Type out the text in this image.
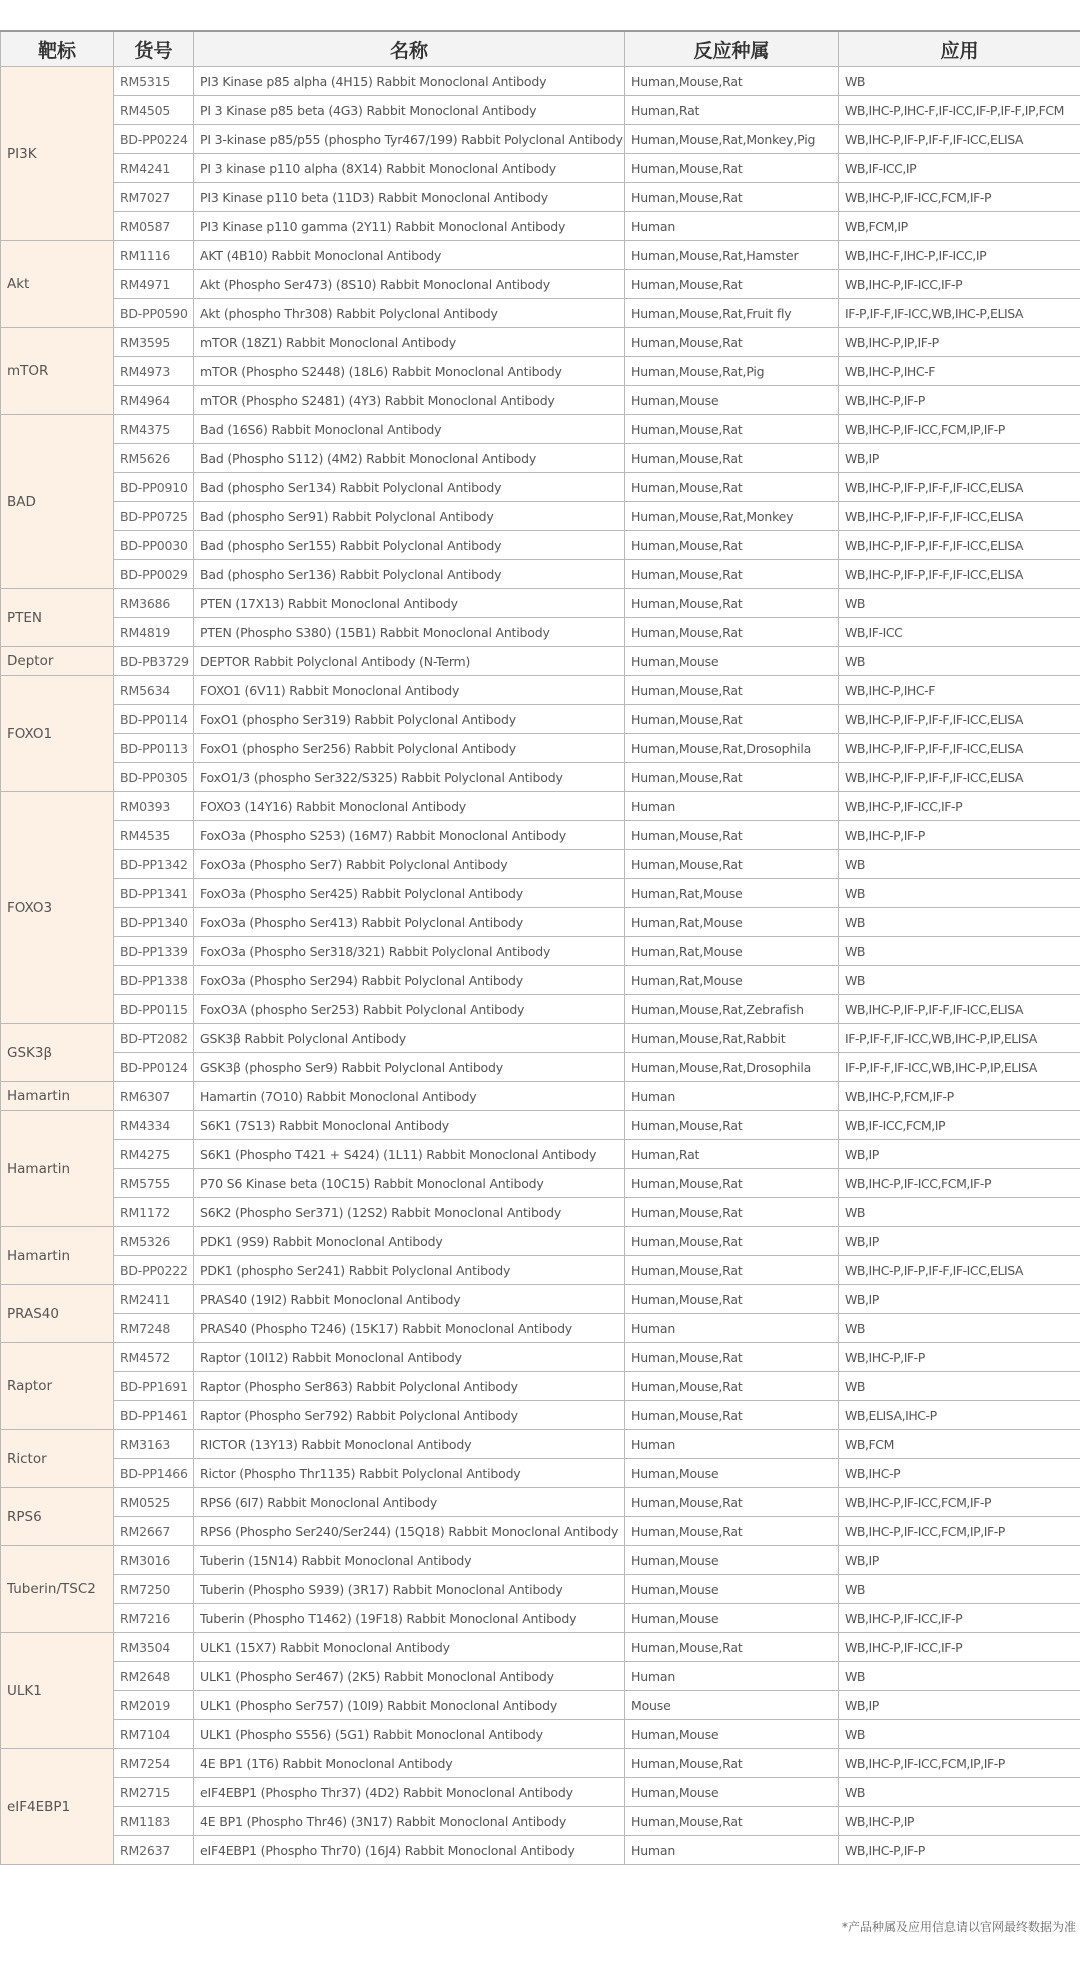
靶标	货号	名称	反应种属	应用
PI3K	RM5315	PI3 Kinase p85 alpha (4H15) Rabbit Monoclonal Antibody	Human,Mouse,Rat	WB
	RM4505	PI 3 Kinase p85 beta (4G3) Rabbit Monoclonal Antibody	Human,Rat	WB,IHC-P,IHC-F,IF-ICC,IF-P,IF-F,IP,FCM
	BD-PP0224	PI 3-kinase p85/p55 (phospho Tyr467/199) Rabbit Polyclonal Antibody	Human,Mouse,Rat,Monkey,Pig	WB,IHC-P,IF-P,IF-F,IF-ICC,ELISA
	RM4241	PI 3 kinase p110 alpha (8X14) Rabbit Monoclonal Antibody	Human,Mouse,Rat	WB,IF-ICC,IP
	RM7027	PI3 Kinase p110 beta (11D3) Rabbit Monoclonal Antibody	Human,Mouse,Rat	WB,IHC-P,IF-ICC,FCM,IF-P
	RM0587	PI3 Kinase p110 gamma (2Y11) Rabbit Monoclonal Antibody	Human	WB,FCM,IP
Akt	RM1116	AKT (4B10) Rabbit Monoclonal Antibody	Human,Mouse,Rat,Hamster	WB,IHC-F,IHC-P,IF-ICC,IP
	RM4971	Akt (Phospho Ser473) (8S10) Rabbit Monoclonal Antibody	Human,Mouse,Rat	WB,IHC-P,IF-ICC,IF-P
	BD-PP0590	Akt (phospho Thr308) Rabbit Polyclonal Antibody	Human,Mouse,Rat,Fruit fly	IF-P,IF-F,IF-ICC,WB,IHC-P,ELISA
mTOR	RM3595	mTOR (18Z1) Rabbit Monoclonal Antibody	Human,Mouse,Rat	WB,IHC-P,IP,IF-P
	RM4973	mTOR (Phospho S2448) (18L6) Rabbit Monoclonal Antibody	Human,Mouse,Rat,Pig	WB,IHC-P,IHC-F
	RM4964	mTOR (Phospho S2481) (4Y3) Rabbit Monoclonal Antibody	Human,Mouse	WB,IHC-P,IF-P
BAD	RM4375	Bad (16S6) Rabbit Monoclonal Antibody	Human,Mouse,Rat	WB,IHC-P,IF-ICC,FCM,IP,IF-P
	RM5626	Bad (Phospho S112) (4M2) Rabbit Monoclonal Antibody	Human,Mouse,Rat	WB,IP
	BD-PP0910	Bad (phospho Ser134) Rabbit Polyclonal Antibody	Human,Mouse,Rat	WB,IHC-P,IF-P,IF-F,IF-ICC,ELISA
	BD-PP0725	Bad (phospho Ser91) Rabbit Polyclonal Antibody	Human,Mouse,Rat,Monkey	WB,IHC-P,IF-P,IF-F,IF-ICC,ELISA
	BD-PP0030	Bad (phospho Ser155) Rabbit Polyclonal Antibody	Human,Mouse,Rat	WB,IHC-P,IF-P,IF-F,IF-ICC,ELISA
	BD-PP0029	Bad (phospho Ser136) Rabbit Polyclonal Antibody	Human,Mouse,Rat	WB,IHC-P,IF-P,IF-F,IF-ICC,ELISA
PTEN	RM3686	PTEN (17X13) Rabbit Monoclonal Antibody	Human,Mouse,Rat	WB
	RM4819	PTEN (Phospho S380) (15B1) Rabbit Monoclonal Antibody	Human,Mouse,Rat	WB,IF-ICC
Deptor	BD-PB3729	DEPTOR Rabbit Polyclonal Antibody (N-Term)	Human,Mouse	WB
FOXO1	RM5634	FOXO1 (6V11) Rabbit Monoclonal Antibody	Human,Mouse,Rat	WB,IHC-P,IHC-F
	BD-PP0114	FoxO1 (phospho Ser319) Rabbit Polyclonal Antibody	Human,Mouse,Rat	WB,IHC-P,IF-P,IF-F,IF-ICC,ELISA
	BD-PP0113	FoxO1 (phospho Ser256) Rabbit Polyclonal Antibody	Human,Mouse,Rat,Drosophila	WB,IHC-P,IF-P,IF-F,IF-ICC,ELISA
	BD-PP0305	FoxO1/3 (phospho Ser322/S325) Rabbit Polyclonal Antibody	Human,Mouse,Rat	WB,IHC-P,IF-P,IF-F,IF-ICC,ELISA
FOXO3	RM0393	FOXO3 (14Y16) Rabbit Monoclonal Antibody	Human	WB,IHC-P,IF-ICC,IF-P
	RM4535	FoxO3a (Phospho S253) (16M7) Rabbit Monoclonal Antibody	Human,Mouse,Rat	WB,IHC-P,IF-P
	BD-PP1342	FoxO3a (Phospho Ser7) Rabbit Polyclonal Antibody	Human,Mouse,Rat	WB
	BD-PP1341	FoxO3a (Phospho Ser425) Rabbit Polyclonal Antibody	Human,Rat,Mouse	WB
	BD-PP1340	FoxO3a (Phospho Ser413) Rabbit Polyclonal Antibody	Human,Rat,Mouse	WB
	BD-PP1339	FoxO3a (Phospho Ser318/321) Rabbit Polyclonal Antibody	Human,Rat,Mouse	WB
	BD-PP1338	FoxO3a (Phospho Ser294) Rabbit Polyclonal Antibody	Human,Rat,Mouse	WB
	BD-PP0115	FoxO3A (phospho Ser253) Rabbit Polyclonal Antibody	Human,Mouse,Rat,Zebrafish	WB,IHC-P,IF-P,IF-F,IF-ICC,ELISA
GSK3β	BD-PT2082	GSK3β Rabbit Polyclonal Antibody	Human,Mouse,Rat,Rabbit	IF-P,IF-F,IF-ICC,WB,IHC-P,IP,ELISA
	BD-PP0124	GSK3β (phospho Ser9) Rabbit Polyclonal Antibody	Human,Mouse,Rat,Drosophila	IF-P,IF-F,IF-ICC,WB,IHC-P,IP,ELISA
Hamartin	RM6307	Hamartin (7O10) Rabbit Monoclonal Antibody	Human	WB,IHC-P,FCM,IF-P
Hamartin	RM4334	S6K1 (7S13) Rabbit Monoclonal Antibody	Human,Mouse,Rat	WB,IF-ICC,FCM,IP
	RM4275	S6K1 (Phospho T421 + S424) (1L11) Rabbit Monoclonal Antibody	Human,Rat	WB,IP
	RM5755	P70 S6 Kinase beta (10C15) Rabbit Monoclonal Antibody	Human,Mouse,Rat	WB,IHC-P,IF-ICC,FCM,IF-P
	RM1172	S6K2 (Phospho Ser371) (12S2) Rabbit Monoclonal Antibody	Human,Mouse,Rat	WB
Hamartin	RM5326	PDK1 (9S9) Rabbit Monoclonal Antibody	Human,Mouse,Rat	WB,IP
	BD-PP0222	PDK1 (phospho Ser241) Rabbit Polyclonal Antibody	Human,Mouse,Rat	WB,IHC-P,IF-P,IF-F,IF-ICC,ELISA
PRAS40	RM2411	PRAS40 (19I2) Rabbit Monoclonal Antibody	Human,Mouse,Rat	WB,IP
	RM7248	PRAS40 (Phospho T246) (15K17) Rabbit Monoclonal Antibody	Human	WB
Raptor	RM4572	Raptor (10I12) Rabbit Monoclonal Antibody	Human,Mouse,Rat	WB,IHC-P,IF-P
	BD-PP1691	Raptor (Phospho Ser863) Rabbit Polyclonal Antibody	Human,Mouse,Rat	WB
	BD-PP1461	Raptor (Phospho Ser792) Rabbit Polyclonal Antibody	Human,Mouse,Rat	WB,ELISA,IHC-P
Rictor	RM3163	RICTOR (13Y13) Rabbit Monoclonal Antibody	Human	WB,FCM
	BD-PP1466	Rictor (Phospho Thr1135) Rabbit Polyclonal Antibody	Human,Mouse	WB,IHC-P
RPS6	RM0525	RPS6 (6I7) Rabbit Monoclonal Antibody	Human,Mouse,Rat	WB,IHC-P,IF-ICC,FCM,IF-P
	RM2667	RPS6 (Phospho Ser240/Ser244) (15Q18) Rabbit Monoclonal Antibody	Human,Mouse,Rat	WB,IHC-P,IF-ICC,FCM,IP,IF-P
Tuberin/TSC2	RM3016	Tuberin (15N14) Rabbit Monoclonal Antibody	Human,Mouse	WB,IP
	RM7250	Tuberin (Phospho S939) (3R17) Rabbit Monoclonal Antibody	Human,Mouse	WB
	RM7216	Tuberin (Phospho T1462) (19F18) Rabbit Monoclonal Antibody	Human,Mouse	WB,IHC-P,IF-ICC,IF-P
ULK1	RM3504	ULK1 (15X7) Rabbit Monoclonal Antibody	Human,Mouse,Rat	WB,IHC-P,IF-ICC,IF-P
	RM2648	ULK1 (Phospho Ser467) (2K5) Rabbit Monoclonal Antibody	Human	WB
	RM2019	ULK1 (Phospho Ser757) (10I9) Rabbit Monoclonal Antibody	Mouse	WB,IP
	RM7104	ULK1 (Phospho S556) (5G1) Rabbit Monoclonal Antibody	Human,Mouse	WB
eIF4EBP1	RM7254	4E BP1 (1T6) Rabbit Monoclonal Antibody	Human,Mouse,Rat	WB,IHC-P,IF-ICC,FCM,IP,IF-P
	RM2715	eIF4EBP1 (Phospho Thr37) (4D2) Rabbit Monoclonal Antibody	Human,Mouse	WB
	RM1183	4E BP1 (Phospho Thr46) (3N17) Rabbit Monoclonal Antibody	Human,Mouse,Rat	WB,IHC-P,IP
	RM2637	eIF4EBP1 (Phospho Thr70) (16J4) Rabbit Monoclonal Antibody	Human	WB,IHC-P,IF-P
*产品种属及应用信息请以官网最终数据为准
